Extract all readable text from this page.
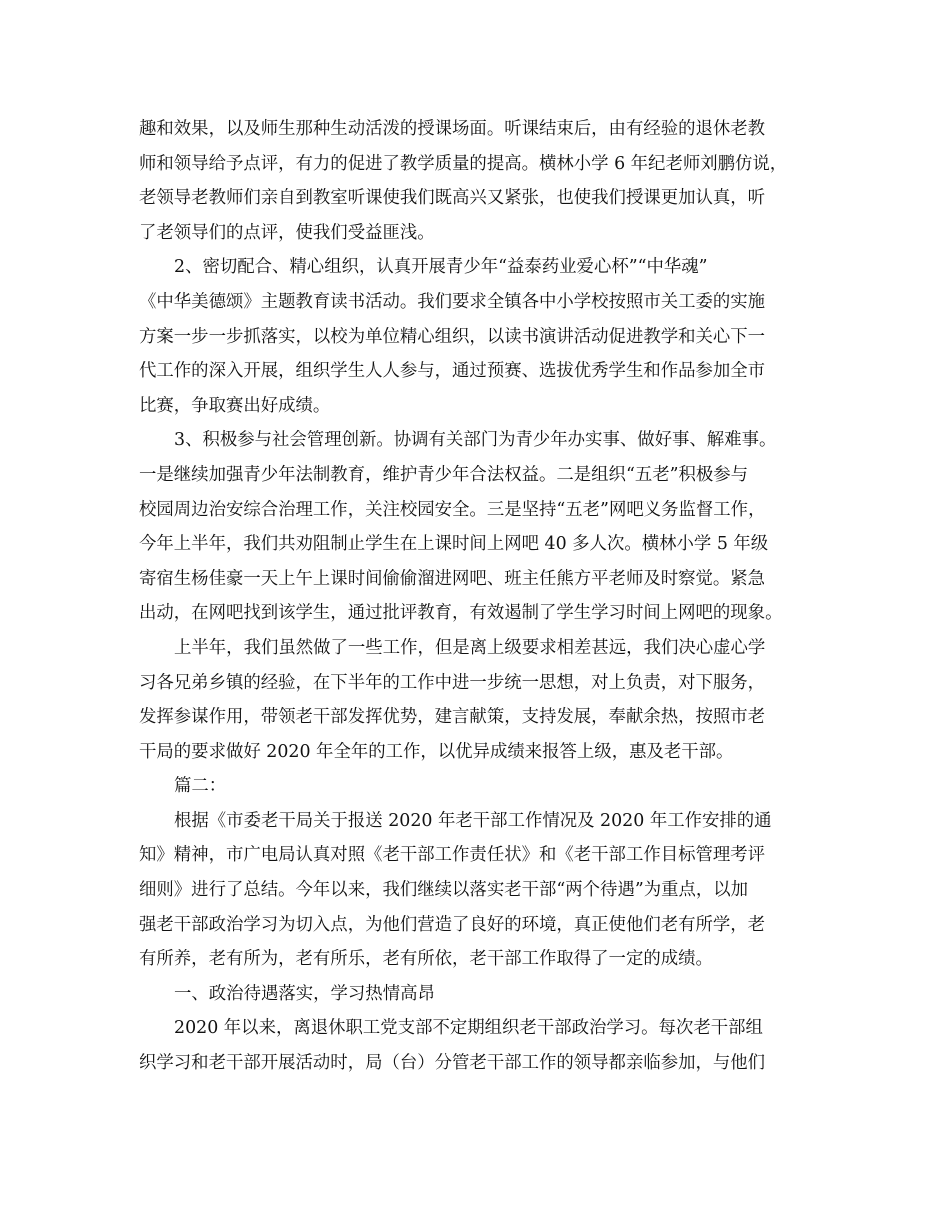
趣和效果，以及师生那种生动活泼的授课场面。听课结束后，由有经验的退休老教
师和领导给予点评，有力的促进了教学质量的提高。横林小学 6 年纪老师刘鹏仿说，
老领导老教师们亲自到教室听课使我们既高兴又紧张，也使我们授课更加认真，听
了老领导们的点评，使我们受益匪浅。
2、密切配合、精心组织，认真开展青少年“益泰药业爱心杯”“中华魂”
《中华美德颂》主题教育读书活动。我们要求全镇各中小学校按照市关工委的实施
方案一步一步抓落实，以校为单位精心组织，以读书演讲活动促进教学和关心下一
代工作的深入开展，组织学生人人参与，通过预赛、选拔优秀学生和作品参加全市
比赛，争取赛出好成绩。
3、积极参与社会管理创新。协调有关部门为青少年办实事、做好事、解难事。
一是继续加强青少年法制教育，维护青少年合法权益。二是组织“五老”积极参与
校园周边治安综合治理工作，关注校园安全。三是坚持“五老”网吧义务监督工作，
今年上半年，我们共劝阻制止学生在上课时间上网吧 40 多人次。横林小学 5 年级
寄宿生杨佳豪一天上午上课时间偷偷溜进网吧、班主任熊方平老师及时察觉。紧急
出动，在网吧找到该学生，通过批评教育，有效遏制了学生学习时间上网吧的现象。
上半年，我们虽然做了一些工作，但是离上级要求相差甚远，我们决心虚心学
习各兄弟乡镇的经验，在下半年的工作中进一步统一思想，对上负责，对下服务，
发挥参谋作用，带领老干部发挥优势，建言献策，支持发展，奉献余热，按照市老
干局的要求做好 2020 年全年的工作，以优异成绩来报答上级，惠及老干部。
篇二：
根据《市委老干局关于报送 2020 年老干部工作情况及 2020 年工作安排的通
知》精神，市广电局认真对照《老干部工作责任状》和《老干部工作目标管理考评
细则》进行了总结。今年以来，我们继续以落实老干部“两个待遇”为重点，以加
强老干部政治学习为切入点，为他们营造了良好的环境，真正使他们老有所学，老
有所养，老有所为，老有所乐，老有所依，老干部工作取得了一定的成绩。
一、政治待遇落实，学习热情高昂
2020 年以来，离退休职工党支部不定期组织老干部政治学习。每次老干部组
织学习和老干部开展活动时，局（台）分管老干部工作的领导都亲临参加，与他们
